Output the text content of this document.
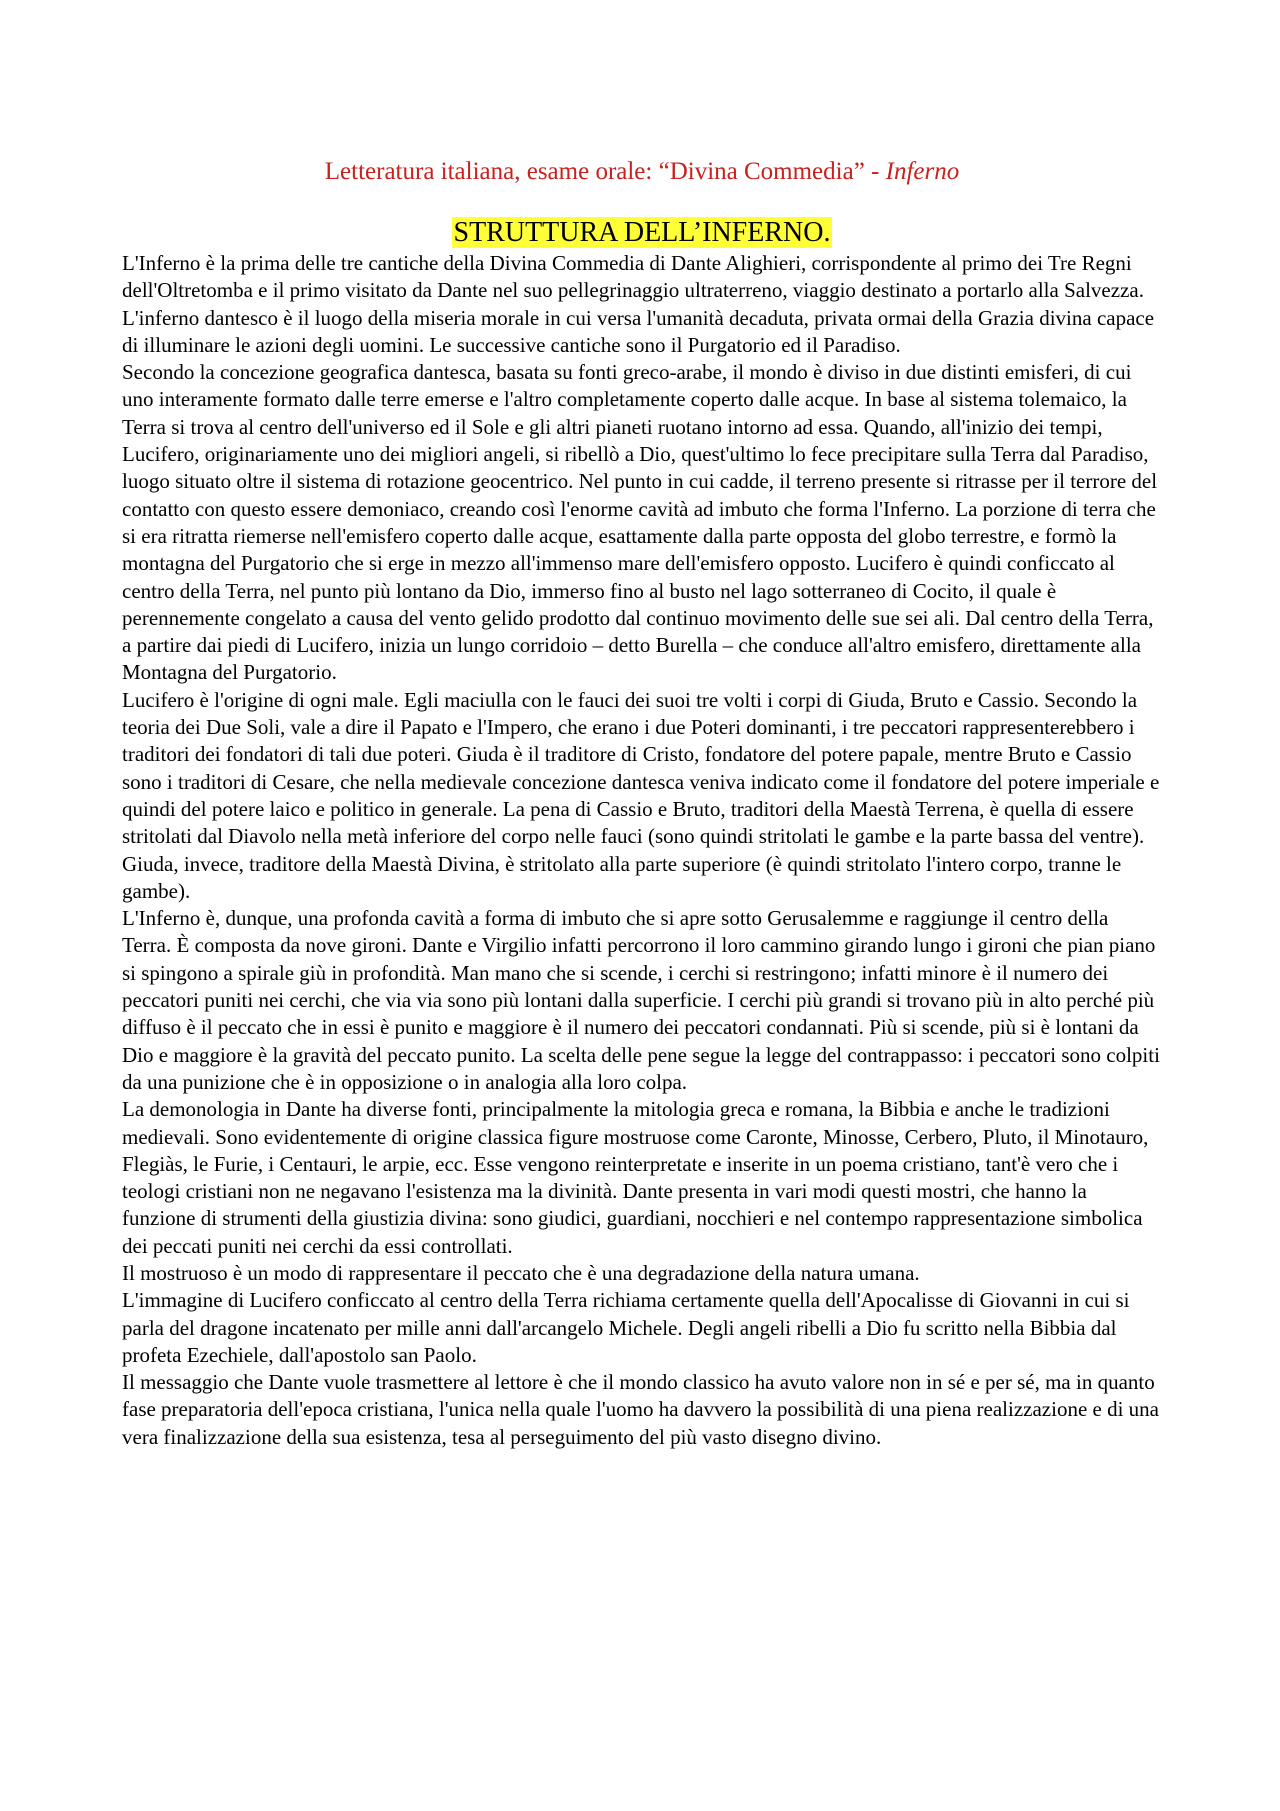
Letteratura italiana, esame orale: “Divina Commedia” - Inferno
STRUTTURA DELL’INFERNO.

L'Inferno è la prima delle tre cantiche della Divina Commedia di Dante Alighieri, corrispondente al primo dei Tre Regni dell'Oltretomba e il primo visitato da Dante nel suo pellegrinaggio ultraterreno, viaggio destinato a portarlo alla Salvezza. L'inferno dantesco è il luogo della miseria morale in cui versa l'umanità decaduta, privata ormai della Grazia divina capace di illuminare le azioni degli uomini. Le successive cantiche sono il Purgatorio ed il Paradiso.

Secondo la concezione geografica dantesca, basata su fonti greco-arabe, il mondo è diviso in due distinti emisferi, di cui uno interamente formato dalle terre emerse e l'altro completamente coperto dalle acque. In base al sistema tolemaico, la Terra si trova al centro dell'universo ed il Sole e gli altri pianeti ruotano intorno ad essa. Quando, all'inizio dei tempi, Lucifero, originariamente uno dei migliori angeli, si ribellò a Dio, quest'ultimo lo fece precipitare sulla Terra dal Paradiso, luogo situato oltre il sistema di rotazione geocentrico. Nel punto in cui cadde, il terreno presente si ritrasse per il terrore del contatto con questo essere demoniaco, creando così l'enorme cavità ad imbuto che forma l'Inferno. La porzione di terra che si era ritratta riemerse nell'emisfero coperto dalle acque, esattamente dalla parte opposta del globo terrestre, e formò la montagna del Purgatorio che si erge in mezzo all'immenso mare dell'emisfero opposto. Lucifero è quindi conficcato al centro della Terra, nel punto più lontano da Dio, immerso fino al busto nel lago sotterraneo di Cocito, il quale è perennemente congelato a causa del vento gelido prodotto dal continuo movimento delle sue sei ali. Dal centro della Terra, a partire dai piedi di Lucifero, inizia un lungo corridoio – detto Burella – che conduce all'altro emisfero, direttamente alla Montagna del Purgatorio.

Lucifero è l'origine di ogni male. Egli maciulla con le fauci dei suoi tre volti i corpi di Giuda, Bruto e Cassio. Secondo la teoria dei Due Soli, vale a dire il Papato e l'Impero, che erano i due Poteri dominanti, i tre peccatori rappresenterebbero i traditori dei fondatori di tali due poteri. Giuda è il traditore di Cristo, fondatore del potere papale, mentre Bruto e Cassio sono i traditori di Cesare, che nella medievale concezione dantesca veniva indicato come il fondatore del potere imperiale e quindi del potere laico e politico in generale. La pena di Cassio e Bruto, traditori della Maestà Terrena, è quella di essere stritolati dal Diavolo nella metà inferiore del corpo nelle fauci (sono quindi stritolati le gambe e la parte bassa del ventre). Giuda, invece, traditore della Maestà Divina, è stritolato alla parte superiore (è quindi stritolato l'intero corpo, tranne le gambe).

L'Inferno è, dunque, una profonda cavità a forma di imbuto che si apre sotto Gerusalemme e raggiunge il centro della Terra. È composta da nove gironi. Dante e Virgilio infatti percorrono il loro cammino girando lungo i gironi che pian piano si spingono a spirale giù in profondità. Man mano che si scende, i cerchi si restringono; infatti minore è il numero dei peccatori puniti nei cerchi, che via via sono più lontani dalla superficie. I cerchi più grandi si trovano più in alto perché più diffuso è il peccato che in essi è punito e maggiore è il numero dei peccatori condannati. Più si scende, più si è lontani da Dio e maggiore è la gravità del peccato punito. La scelta delle pene segue la legge del contrappasso: i peccatori sono colpiti da una punizione che è in opposizione o in analogia alla loro colpa.

La demonologia in Dante ha diverse fonti, principalmente la mitologia greca e romana, la Bibbia e anche le tradizioni medievali. Sono evidentemente di origine classica figure mostruose come Caronte, Minosse, Cerbero, Pluto, il Minotauro, Flegiàs, le Furie, i Centauri, le arpie, ecc. Esse vengono reinterpretate e inserite in un poema cristiano, tant'è vero che i teologi cristiani non ne negavano l'esistenza ma la divinità. Dante presenta in vari modi questi mostri, che hanno la funzione di strumenti della giustizia divina: sono giudici, guardiani, nocchieri e nel contempo rappresentazione simbolica dei peccati puniti nei cerchi da essi controllati.

Il mostruoso è un modo di rappresentare il peccato che è una degradazione della natura umana.

L'immagine di Lucifero conficcato al centro della Terra richiama certamente quella dell'Apocalisse di Giovanni in cui si parla del dragone incatenato per mille anni dall'arcangelo Michele. Degli angeli ribelli a Dio fu scritto nella Bibbia dal profeta Ezechiele, dall'apostolo san Paolo.

Il messaggio che Dante vuole trasmettere al lettore è che il mondo classico ha avuto valore non in sé e per sé, ma in quanto fase preparatoria dell'epoca cristiana, l'unica nella quale l'uomo ha davvero la possibilità di una piena realizzazione e di una vera finalizzazione della sua esistenza, tesa al perseguimento del più vasto disegno divino.
